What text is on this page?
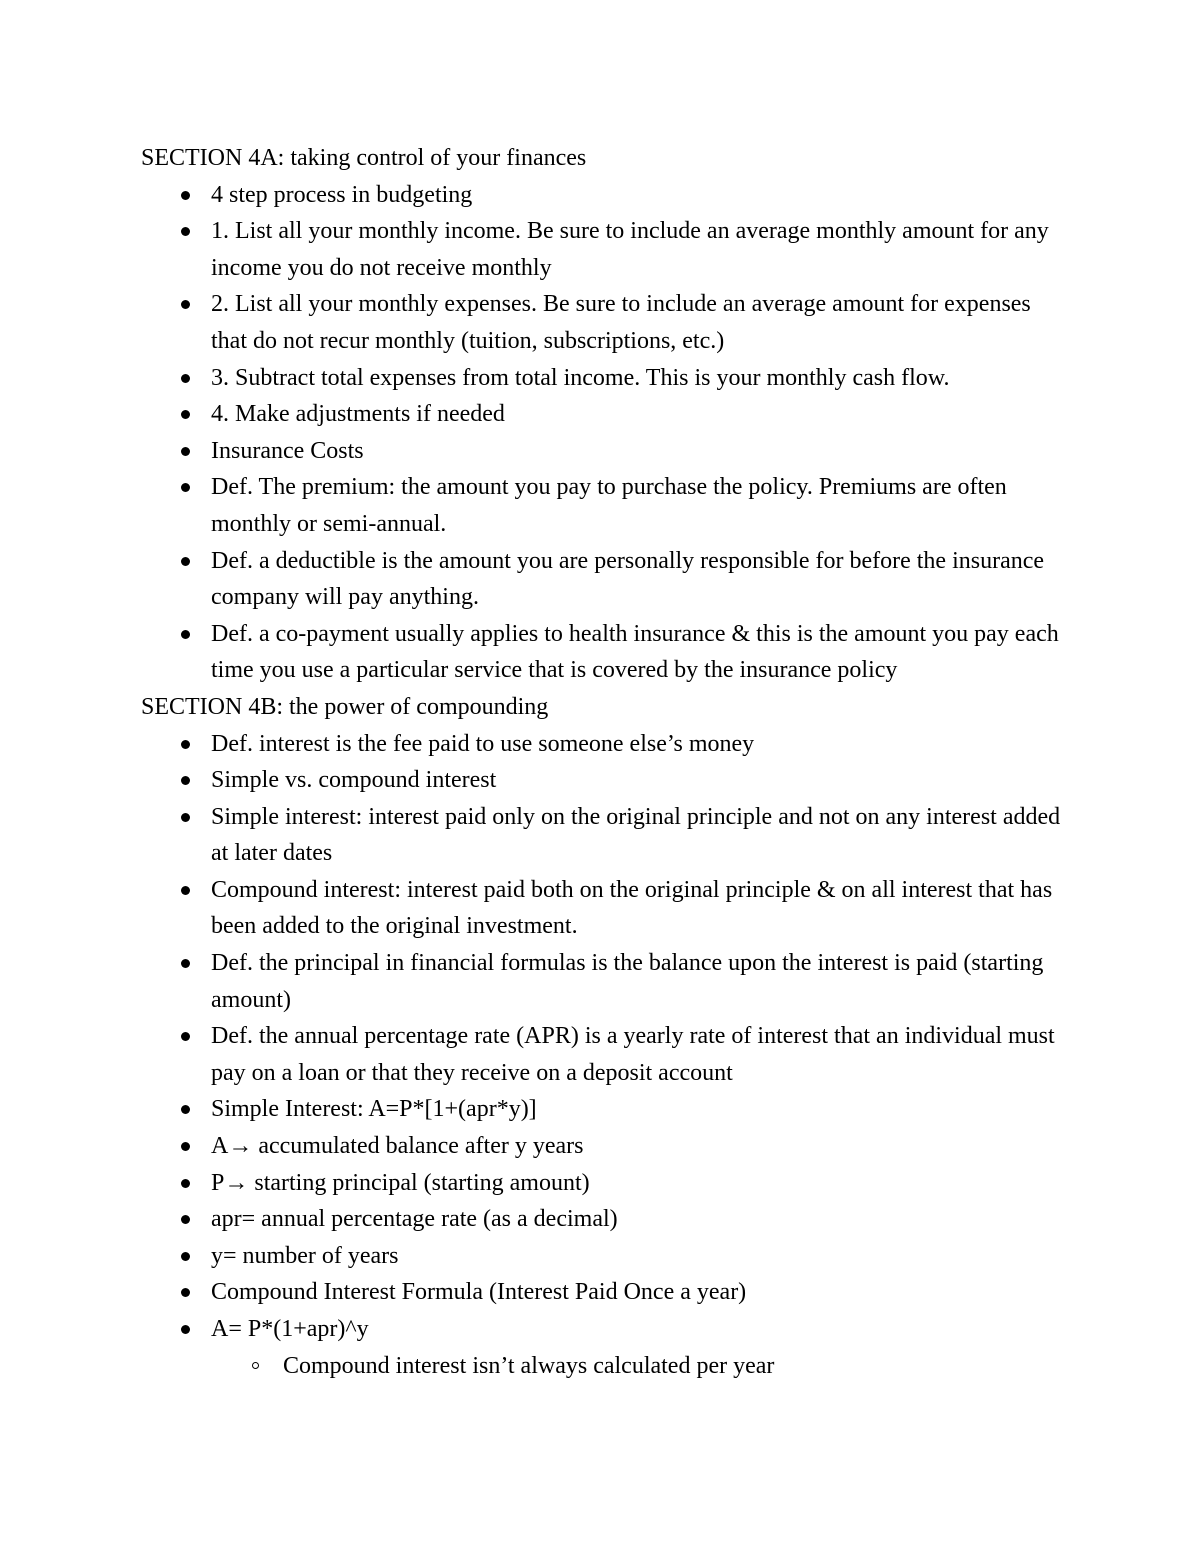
SECTION 4A: taking control of your finances
4 step process in budgeting
1. List all your monthly income. Be sure to include an average monthly amount for any income you do not receive monthly
2. List all your monthly expenses. Be sure to include an average amount for expenses that do not recur monthly (tuition, subscriptions, etc.)
3. Subtract total expenses from total income. This is your monthly cash flow.
4. Make adjustments if needed
Insurance Costs
Def. The premium: the amount you pay to purchase the policy. Premiums are often monthly or semi-annual.
Def. a deductible is the amount you are personally responsible for before the insurance company will pay anything.
Def. a co-payment usually applies to health insurance & this is the amount you pay each time you use a particular service that is covered by the insurance policy
SECTION 4B: the power of compounding
Def. interest is the fee paid to use someone else’s money
Simple vs. compound interest
Simple interest: interest paid only on the original principle and not on any interest added at later dates
Compound interest: interest paid both on the original principle & on all interest that has been added to the original investment.
Def. the principal in financial formulas is the balance upon the interest is paid (starting amount)
Def. the annual percentage rate (APR) is a yearly rate of interest that an individual must pay on a loan or that they receive on a deposit account
Simple Interest: A=P*[1+(apr*y)]
A→ accumulated balance after y years
P→ starting principal (starting amount)
apr= annual percentage rate (as a decimal)
y= number of years
Compound Interest Formula (Interest Paid Once a year)
A= P*(1+apr)^y
Compound interest isn’t always calculated per year
